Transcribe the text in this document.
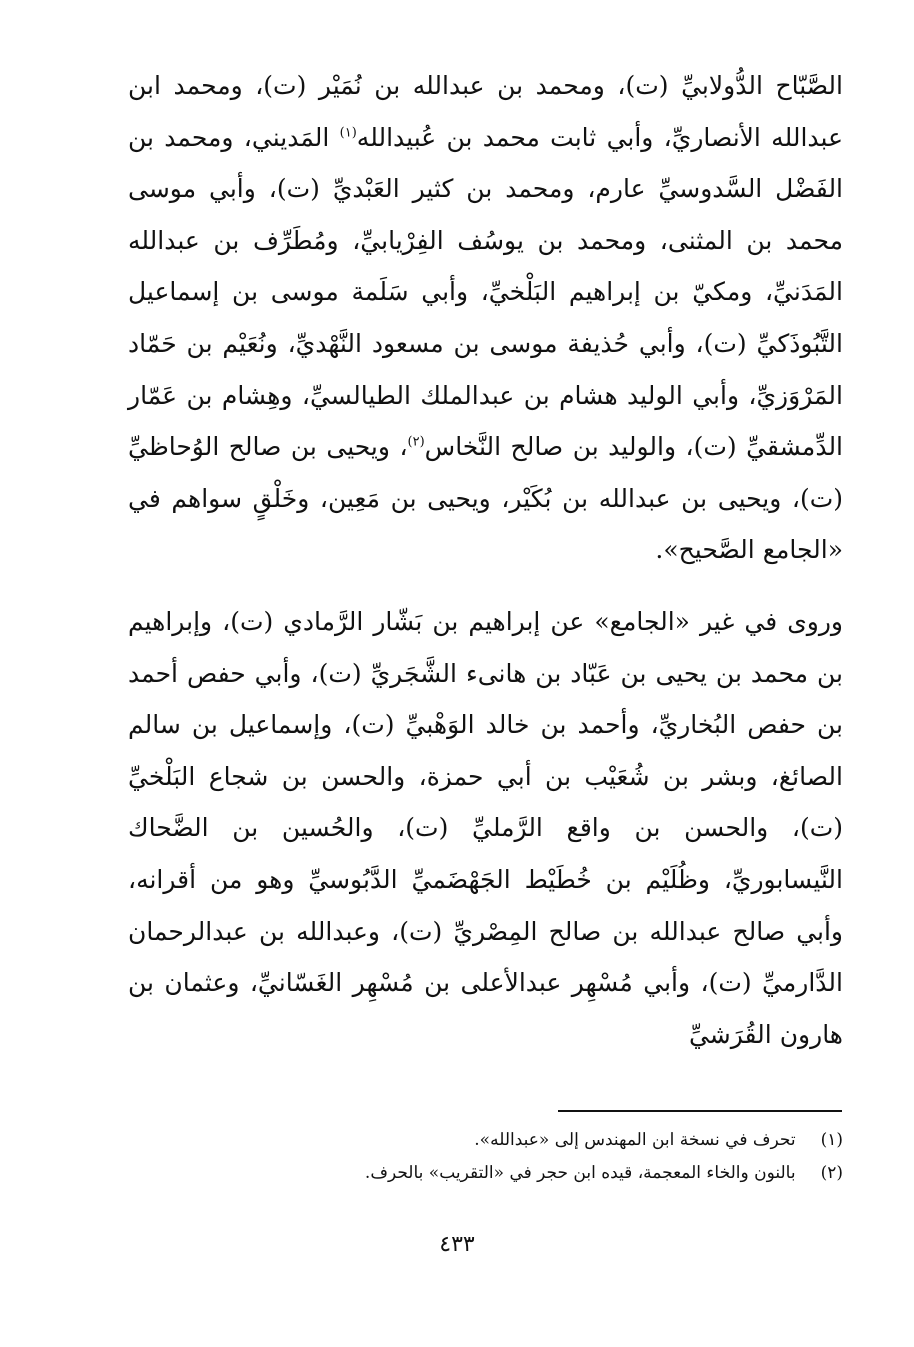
الصَّبّاح الدُّولابيِّ (ت)، ومحمد بن عبدالله بن نُمَيْر (ت)، ومحمد ابن عبدالله الأنصاريِّ، وأبي ثابت محمد بن عُبيدالله$^{(١)}$ المَديني، ومحمد بن الفَضْل السَّدوسيِّ عارم، ومحمد بن كثير العَبْديِّ (ت)، وأبي موسى محمد بن المثنى، ومحمد بن يوسُف الفِرْيابيِّ، ومُطَرِّف بن عبدالله المَدَنيِّ، ومكيّ بن إبراهيم البَلْخيِّ، وأبي سَلَمة موسى بن إسماعيل التَّبُوذَكيِّ (ت)، وأبي حُذيفة موسى بن مسعود النَّهْديِّ، ونُعَيْم بن حَمّاد المَرْوَزيِّ، وأبي الوليد هشام بن عبدالملك الطيالسيِّ، وهِشام بن عَمّار الدِّمشقيِّ (ت)، والوليد بن صالح النَّخاس$^{(٢)}$، ويحيى بن صالح الوُحاظيِّ (ت)، ويحيى بن عبدالله بن بُكَيْر، ويحيى بن مَعِين، وخَلْقٍ سواهم في «الجامع الصَّحيح».

وروى في غير «الجامع» عن إبراهيم بن بَشّار الرَّمادي (ت)، وإبراهيم بن محمد بن يحيى بن عَبّاد بن هانىء الشَّجَريِّ (ت)، وأبي حفص أحمد بن حفص البُخاريِّ، وأحمد بن خالد الوَهْبيِّ (ت)، وإسماعيل بن سالم الصائغ، وبشر بن شُعَيْب بن أبي حمزة، والحسن بن شجاع البَلْخيِّ (ت)، والحسن بن واقع الرَّمليِّ (ت)، والحُسين بن الضَّحاك النَّيسابوريِّ، وظُلَيْم بن خُطَيْط الجَهْضَميِّ الدَّبُوسيِّ وهو من أقرانه، وأبي صالح عبدالله بن صالح المِصْريِّ (ت)، وعبدالله بن عبدالرحمان الدَّارميِّ (ت)، وأبي مُسْهِر عبدالأعلى بن مُسْهِر الغَسّانيِّ، وعثمان بن هارون القُرَشيِّ

(١) تحرف في نسخة ابن المهندس إلى «عبدالله».

(٢) بالنون والخاء المعجمة، قيده ابن حجر في «التقريب» بالحرف.

٤٣٣
